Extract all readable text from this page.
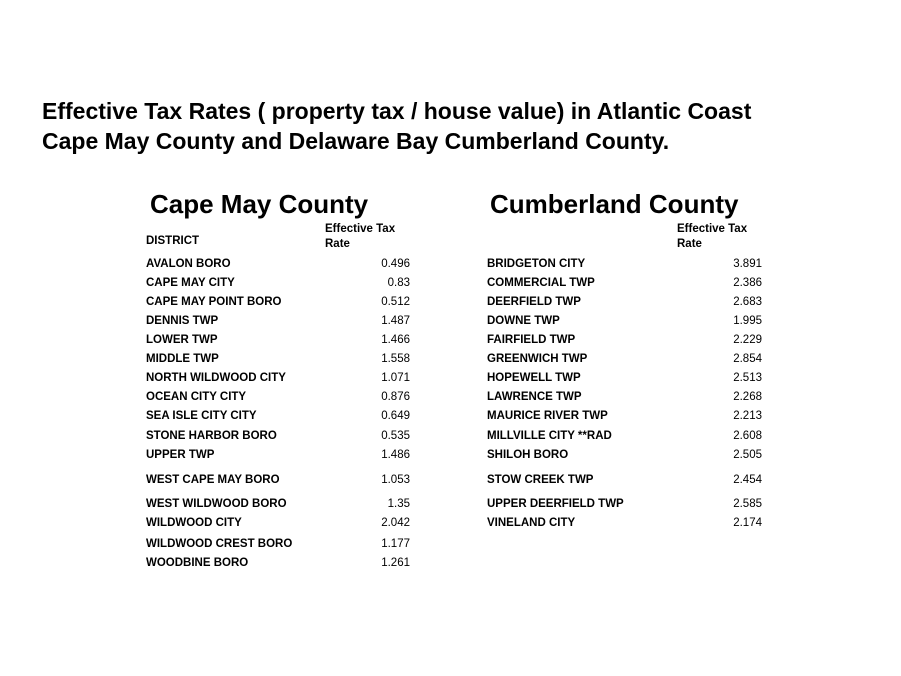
Effective Tax Rates ( property tax / house value) in Atlantic Coast
Cape May County and Delaware Bay Cumberland County.
Cape May County
DISTRICT
Effective Tax
Rate
AVALON BORO	0.496
CAPE MAY CITY	0.83
CAPE MAY POINT BORO	0.512
DENNIS TWP	1.487
LOWER TWP	1.466
MIDDLE TWP	1.558
NORTH WILDWOOD CITY	1.071
OCEAN CITY CITY	0.876
SEA ISLE CITY CITY	0.649
STONE HARBOR BORO	0.535
UPPER TWP	1.486
WEST CAPE MAY BORO	1.053
WEST WILDWOOD BORO	1.35
WILDWOOD CITY	2.042
WILDWOOD CREST BORO	1.177
WOODBINE BORO	1.261
Cumberland County
Effective Tax
Rate
BRIDGETON CITY	3.891
COMMERCIAL TWP	2.386
DEERFIELD TWP	2.683
DOWNE TWP	1.995
FAIRFIELD TWP	2.229
GREENWICH TWP	2.854
HOPEWELL TWP	2.513
LAWRENCE TWP	2.268
MAURICE RIVER TWP	2.213
MILLVILLE CITY **RAD	2.608
SHILOH BORO	2.505
STOW CREEK TWP	2.454
UPPER DEERFIELD TWP	2.585
VINELAND CITY	2.174
